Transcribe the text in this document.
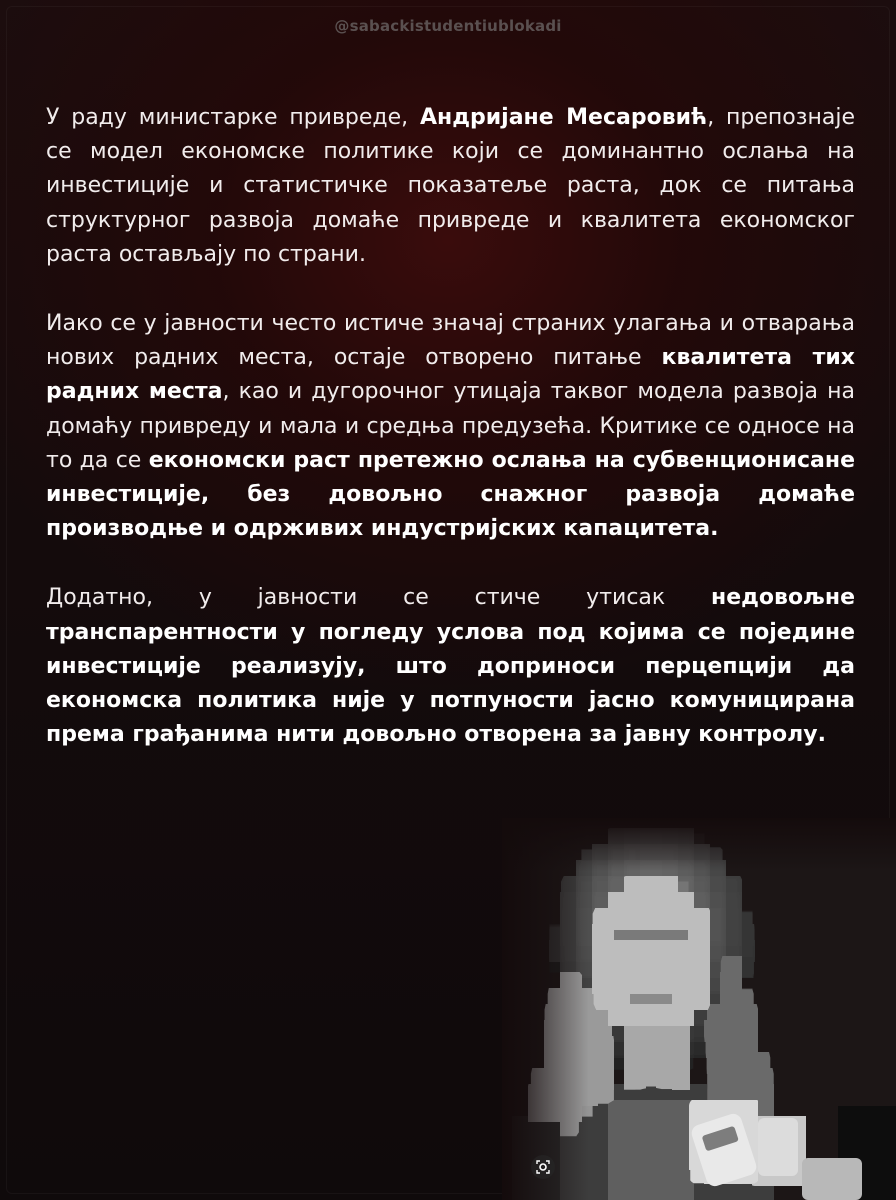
@sabackistudentiublokadi

У раду министарке привреде, Андријане Месаровић, препознаје се модел економске политике који се доминантно ослања на инвестиције и статистичке показатеље раста, док се питања структурног развоја домаће привреде и квалитета економског раста остављају по страни.

Иако се у јавности често истиче значај страних улагања и отварања нових радних места, остаје отворено питање квалитета тих радних места, као и дугорочног утицаја таквог модела развоја на домаћу привреду и мала и средња предузећа. Критике се односе на то да се економски раст претежно ослања на субвенционисане инвестиције, без довољно снажног развоја домаће производње и одрживих индустријских капацитета.

Додатно, у јавности се стиче утисак недовољне транспарентности у погледу услова под којима се поједине инвестиције реализују, што доприноси перцепцији да економска политика није у потпуности јасно комуницирана према грађанима нити довољно отворена за јавну контролу.
